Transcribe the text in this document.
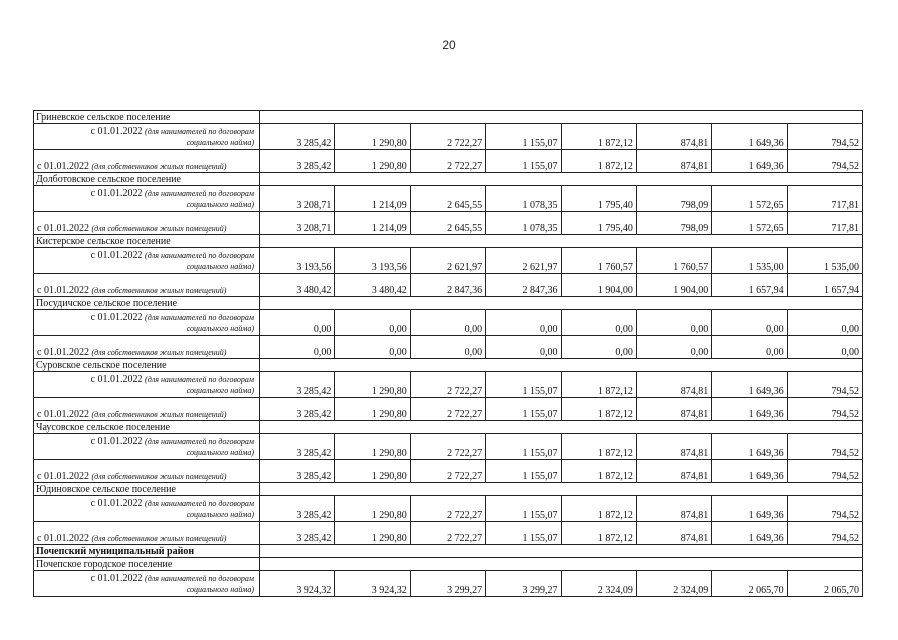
20
Гриневское сельское поселение								

с 01.01.2022 (для нанимателей по договорам
социального найма)	3 285,42	1 290,80	2 722,27	1 155,07	1 872,12	874,81	1 649,36	794,52

с 01.01.2022 (для собственников жилых помещений)	3 285,42	1 290,80	2 722,27	1 155,07	1 872,12	874,81	1 649,36	794,52
Долботовское сельское поселение								

с 01.01.2022 (для нанимателей по договорам
социального найма)	3 208,71	1 214,09	2 645,55	1 078,35	1 795,40	798,09	1 572,65	717,81

с 01.01.2022 (для собственников жилых помещений)	3 208,71	1 214,09	2 645,55	1 078,35	1 795,40	798,09	1 572,65	717,81
Кистерское сельское поселение								

с 01.01.2022 (для нанимателей по договорам
социального найма)	3 193,56	3 193,56	2 621,97	2 621,97	1 760,57	1 760,57	1 535,00	1 535,00

с 01.01.2022 (для собственников жилых помещений)	3 480,42	3 480,42	2 847,36	2 847,36	1 904,00	1 904,00	1 657,94	1 657,94
Посудичское сельское поселение								

с 01.01.2022 (для нанимателей по договорам
социального найма)	0,00	0,00	0,00	0,00	0,00	0,00	0,00	0,00

с 01.01.2022 (для собственников жилых помещений)	0,00	0,00	0,00	0,00	0,00	0,00	0,00	0,00
Суровское сельское поселение								

с 01.01.2022 (для нанимателей по договорам
социального найма)	3 285,42	1 290,80	2 722,27	1 155,07	1 872,12	874,81	1 649,36	794,52

с 01.01.2022 (для собственников жилых помещений)	3 285,42	1 290,80	2 722,27	1 155,07	1 872,12	874,81	1 649,36	794,52
Чаусовское сельское поселение								

с 01.01.2022 (для нанимателей по договорам
социального найма)	3 285,42	1 290,80	2 722,27	1 155,07	1 872,12	874,81	1 649,36	794,52

с 01.01.2022 (для собственников жилых помещений)	3 285,42	1 290,80	2 722,27	1 155,07	1 872,12	874,81	1 649,36	794,52
Юдиновское сельское поселение								

с 01.01.2022 (для нанимателей по договорам
социального найма)	3 285,42	1 290,80	2 722,27	1 155,07	1 872,12	874,81	1 649,36	794,52

с 01.01.2022 (для собственников жилых помещений)	3 285,42	1 290,80	2 722,27	1 155,07	1 872,12	874,81	1 649,36	794,52
Почепский муниципальный район								
Почепское городское поселение								

с 01.01.2022 (для нанимателей по договорам
социального найма)	3 924,32	3 924,32	3 299,27	3 299,27	2 324,09	2 324,09	2 065,70	2 065,70
